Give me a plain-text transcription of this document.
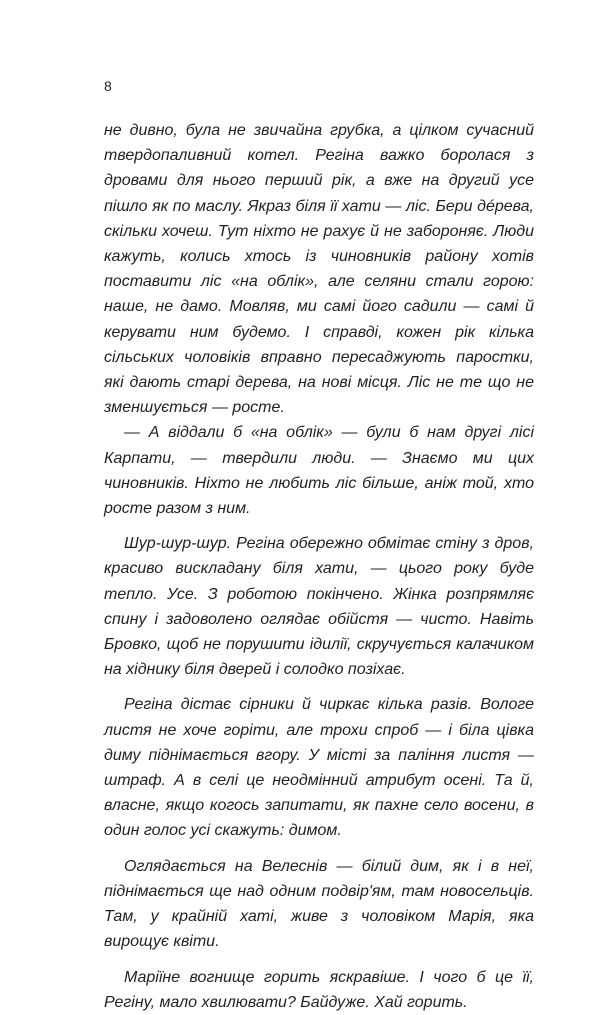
8

не дивно, була не звичайна грубка, а цілком сучасний твердопаливний котел. Регіна важко боролася з дровами для нього перший рік, а вже на другий усе пішло як по маслу. Якраз біля її хати — ліс. Бери дéрева, скільки хочеш. Тут ніхто не рахує й не забороняє. Люди кажуть, колись хтось із чиновників району хотів поставити ліс «на облік», але селяни стали горою: наше, не дамо. Мовляв, ми самі його садили — самі й керувати ним будемо. І справді, кожен рік кілька сільських чоловіків вправно пересаджують паростки, які дають старі дерева, на нові місця. Ліс не те що не зменшується — росте.

— А віддали б «на облік» — були б нам другі лісі Карпати, — твердили люди. — Знаємо ми цих чиновників. Ніхто не любить ліс більше, аніж той, хто росте разом з ним.

Шур-шур-шур. Регіна обережно обмітає стіну з дров, красиво вискладану біля хати, — цього року буде тепло. Усе. З роботою покінчено. Жінка розпрямляє спину і задоволено оглядає обійстя — чисто. Навіть Бровко, щоб не порушити ідилії, скручується калачиком на хіднику біля дверей і солодко позіхає.

Регіна дістає сірники й чиркає кілька разів. Вологе листя не хоче горіти, але трохи спроб — і біла цівка диму піднімається вгору. У місті за паління листя — штраф. А в селі це неодмінний атрибут осені. Та й, власне, якщо когось запитати, як пахне село восени, в один голос усі скажуть: димом.

Оглядається на Велеснів — білий дим, як і в неї, піднімається ще над одним подвір'ям, там новосельців. Там, у крайній хаті, живе з чоловіком Марія, яка вирощує квіти.

Маріїне вогнище горить яскравіше. І чого б це її, Регіну, мало хвилювати? Байдуже. Хай горить.
